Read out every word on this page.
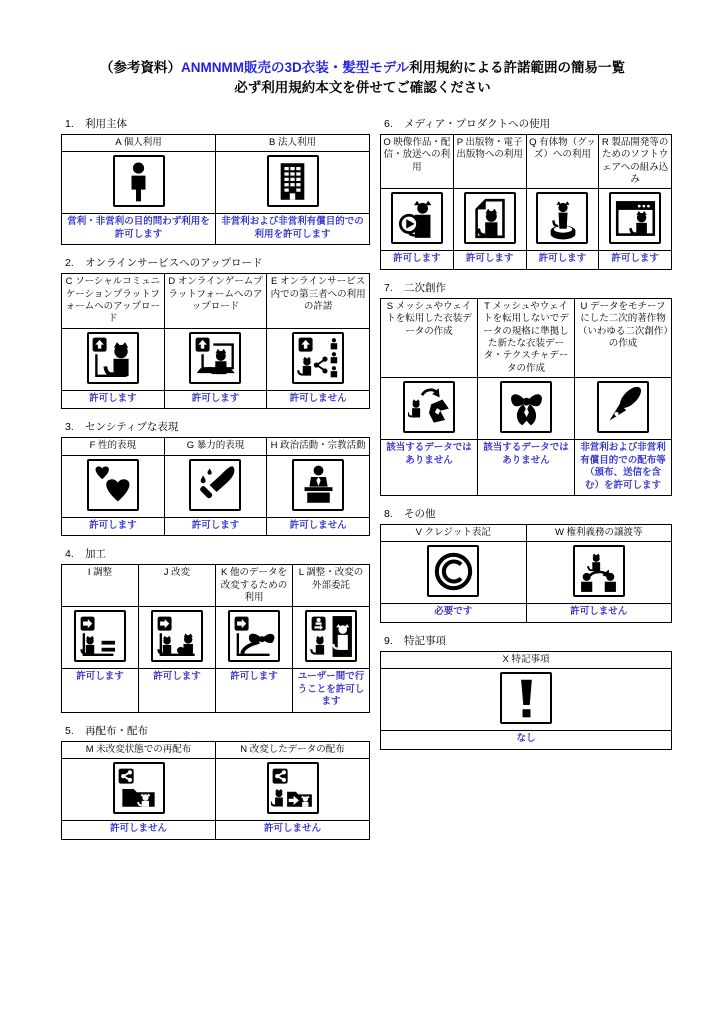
（参考資料）ANMNMM販売の3D衣装・髪型モデル利用規約による許諾範囲の簡易一覧
必ず利用規約本文を併せてご確認ください
1. 利用主体
A 個人利用	B 法人利用

営利・非営利の目的問わず利用を許可します	非営利および非営利有償目的での利用を許可します
2. オンラインサービスへのアップロード
C ソーシャルコミュニケーションプラットフォームへのアップロード	D オンラインゲームプラットフォームへのアップロード	E オンラインサービス内での第三者への利用の許諾

許可します	許可します	許可しません
3. センシティブな表現
F 性的表現	G 暴力的表現	H 政治活動・宗教活動

許可します	許可します	許可しません
4. 加工
I 調整	J 改変	K 他のデータを改変するための利用	L 調整・改変の外部委託

許可します	許可します	許可します	ユーザー間で行うことを許可します
5. 再配布・配布
M 未改変状態での再配布	N 改変したデータの配布

許可しません	許可しません
6. メディア・プロダクトへの使用
O 映像作品・配信・放送への利用	P 出版物・電子出版物への利用	Q 有体物（グッズ）への利用	R 製品開発等のためのソフトウェアへの組み込み

許可します	許可します	許可します	許可します
7. 二次創作
S メッシュやウェイトを転用した衣装データの作成	T メッシュやウェイトを転用しないでデータの規格に準拠した新たな衣装データ・テクスチャデータの作成	U データをモチーフにした二次的著作物（いわゆる二次創作）の作成

該当するデータではありません	該当するデータではありません	非営利および非営利有償目的での配布等（頒布、送信を含む）を許可します
8. その他
V クレジット表記	W 権利義務の譲渡等

必要です	許可しません
9. 特記事項
X 特記事項

なし
